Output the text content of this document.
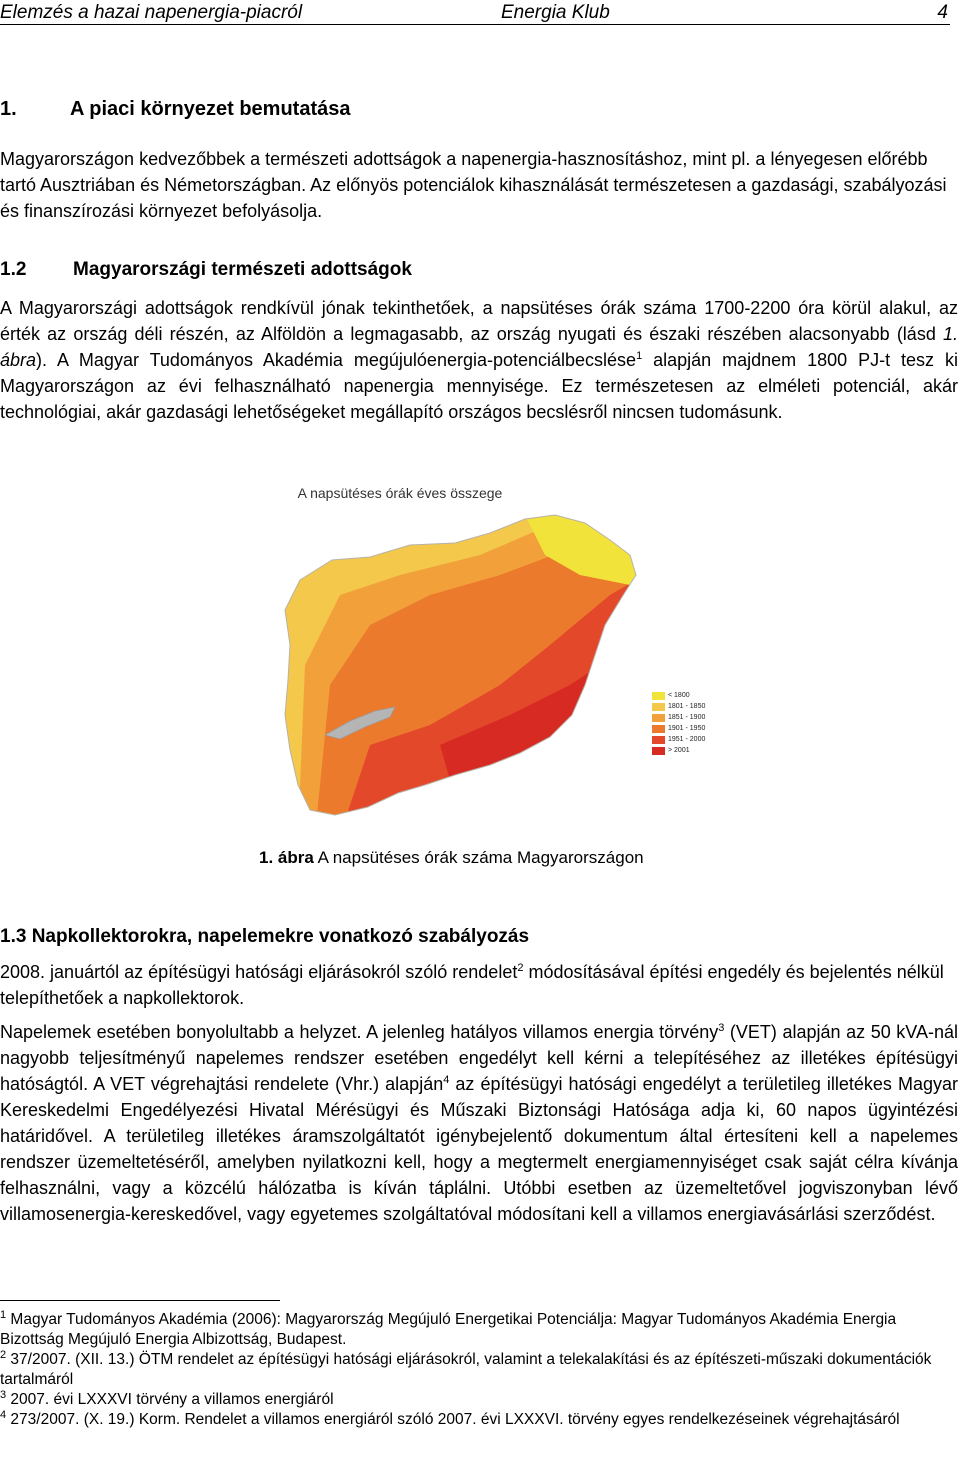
Elemzés a hazai napenergia-piacról	Energia Klub	4
1.	A piaci környezet bemutatása
Magyarországon kedvezőbbek a természeti adottságok a napenergia-hasznosításhoz, mint pl. a lényegesen előrébb tartó Ausztriában és Németországban. Az előnyös potenciálok kihasználását természetesen a gazdasági, szabályozási és finanszírozási környezet befolyásolja.
1.2 Magyarországi természeti adottságok
A Magyarországi adottságok rendkívül jónak tekinthetőek, a napsütéses órák száma 1700-2200 óra körül alakul, az érték az ország déli részén, az Alföldön a legmagasabb, az ország nyugati és északi részében alacsonyabb (lásd 1. ábra). A Magyar Tudományos Akadémia megújulóenergia-potenciálbecslése$^1$ alapján majdnem 1800 PJ-t tesz ki Magyarországon az évi felhasználható napenergia mennyisége. Ez természetesen az elméleti potenciál, akár technológiai, akár gazdasági lehetőségeket megállapító országos becslésről nincsen tudomásunk.
A napsütéses órák éves összege
< 1800
1801 - 1850
1851 - 1900
1901 - 1950
1951 - 2000
> 2001
1. ábra A napsütéses órák száma Magyarországon
1.3 Napkollektorokra, napelemekre vonatkozó szabályozás
2008. januártól az építésügyi hatósági eljárásokról szóló rendelet$^2$ módosításával építési engedély és bejelentés nélkül telepíthetőek a napkollektorok.
Napelemek esetében bonyolultabb a helyzet. A jelenleg hatályos villamos energia törvény$^3$ (VET) alapján az 50 kVA-nál nagyobb teljesítményű napelemes rendszer esetében engedélyt kell kérni a telepítéséhez az illetékes építésügyi hatóságtól. A VET végrehajtási rendelete (Vhr.) alapján$^4$ az építésügyi hatósági engedélyt a területileg illetékes Magyar Kereskedelmi Engedélyezési Hivatal Mérésügyi és Műszaki Biztonsági Hatósága adja ki, 60 napos ügyintézési határidővel. A területileg illetékes áramszolgáltatót igénybejelentő dokumentum által értesíteni kell a napelemes rendszer üzemeltetéséről, amelyben nyilatkozni kell, hogy a megtermelt energiamennyiséget csak saját célra kívánja felhasználni, vagy a közcélú hálózatba is kíván táplálni. Utóbbi esetben az üzemeltetővel jogviszonyban lévő villamosenergia-kereskedővel, vagy egyetemes szolgáltatóval módosítani kell a villamos energiavásárlási szerződést.

$^1$ Magyar Tudományos Akadémia (2006): Magyarország Megújuló Energetikai Potenciálja: Magyar Tudományos Akadémia Energia Bizottság Megújuló Energia Albizottság, Budapest.

$^2$ 37/2007. (XII. 13.) ÖTM rendelet az építésügyi hatósági eljárásokról, valamint a telekalakítási és az építészeti-műszaki dokumentációk tartalmáról

$^3$ 2007. évi LXXXVI törvény a villamos energiáról

$^4$ 273/2007. (X. 19.) Korm. Rendelet a villamos energiáról szóló 2007. évi LXXXVI. törvény egyes rendelkezéseinek végrehajtásáról
